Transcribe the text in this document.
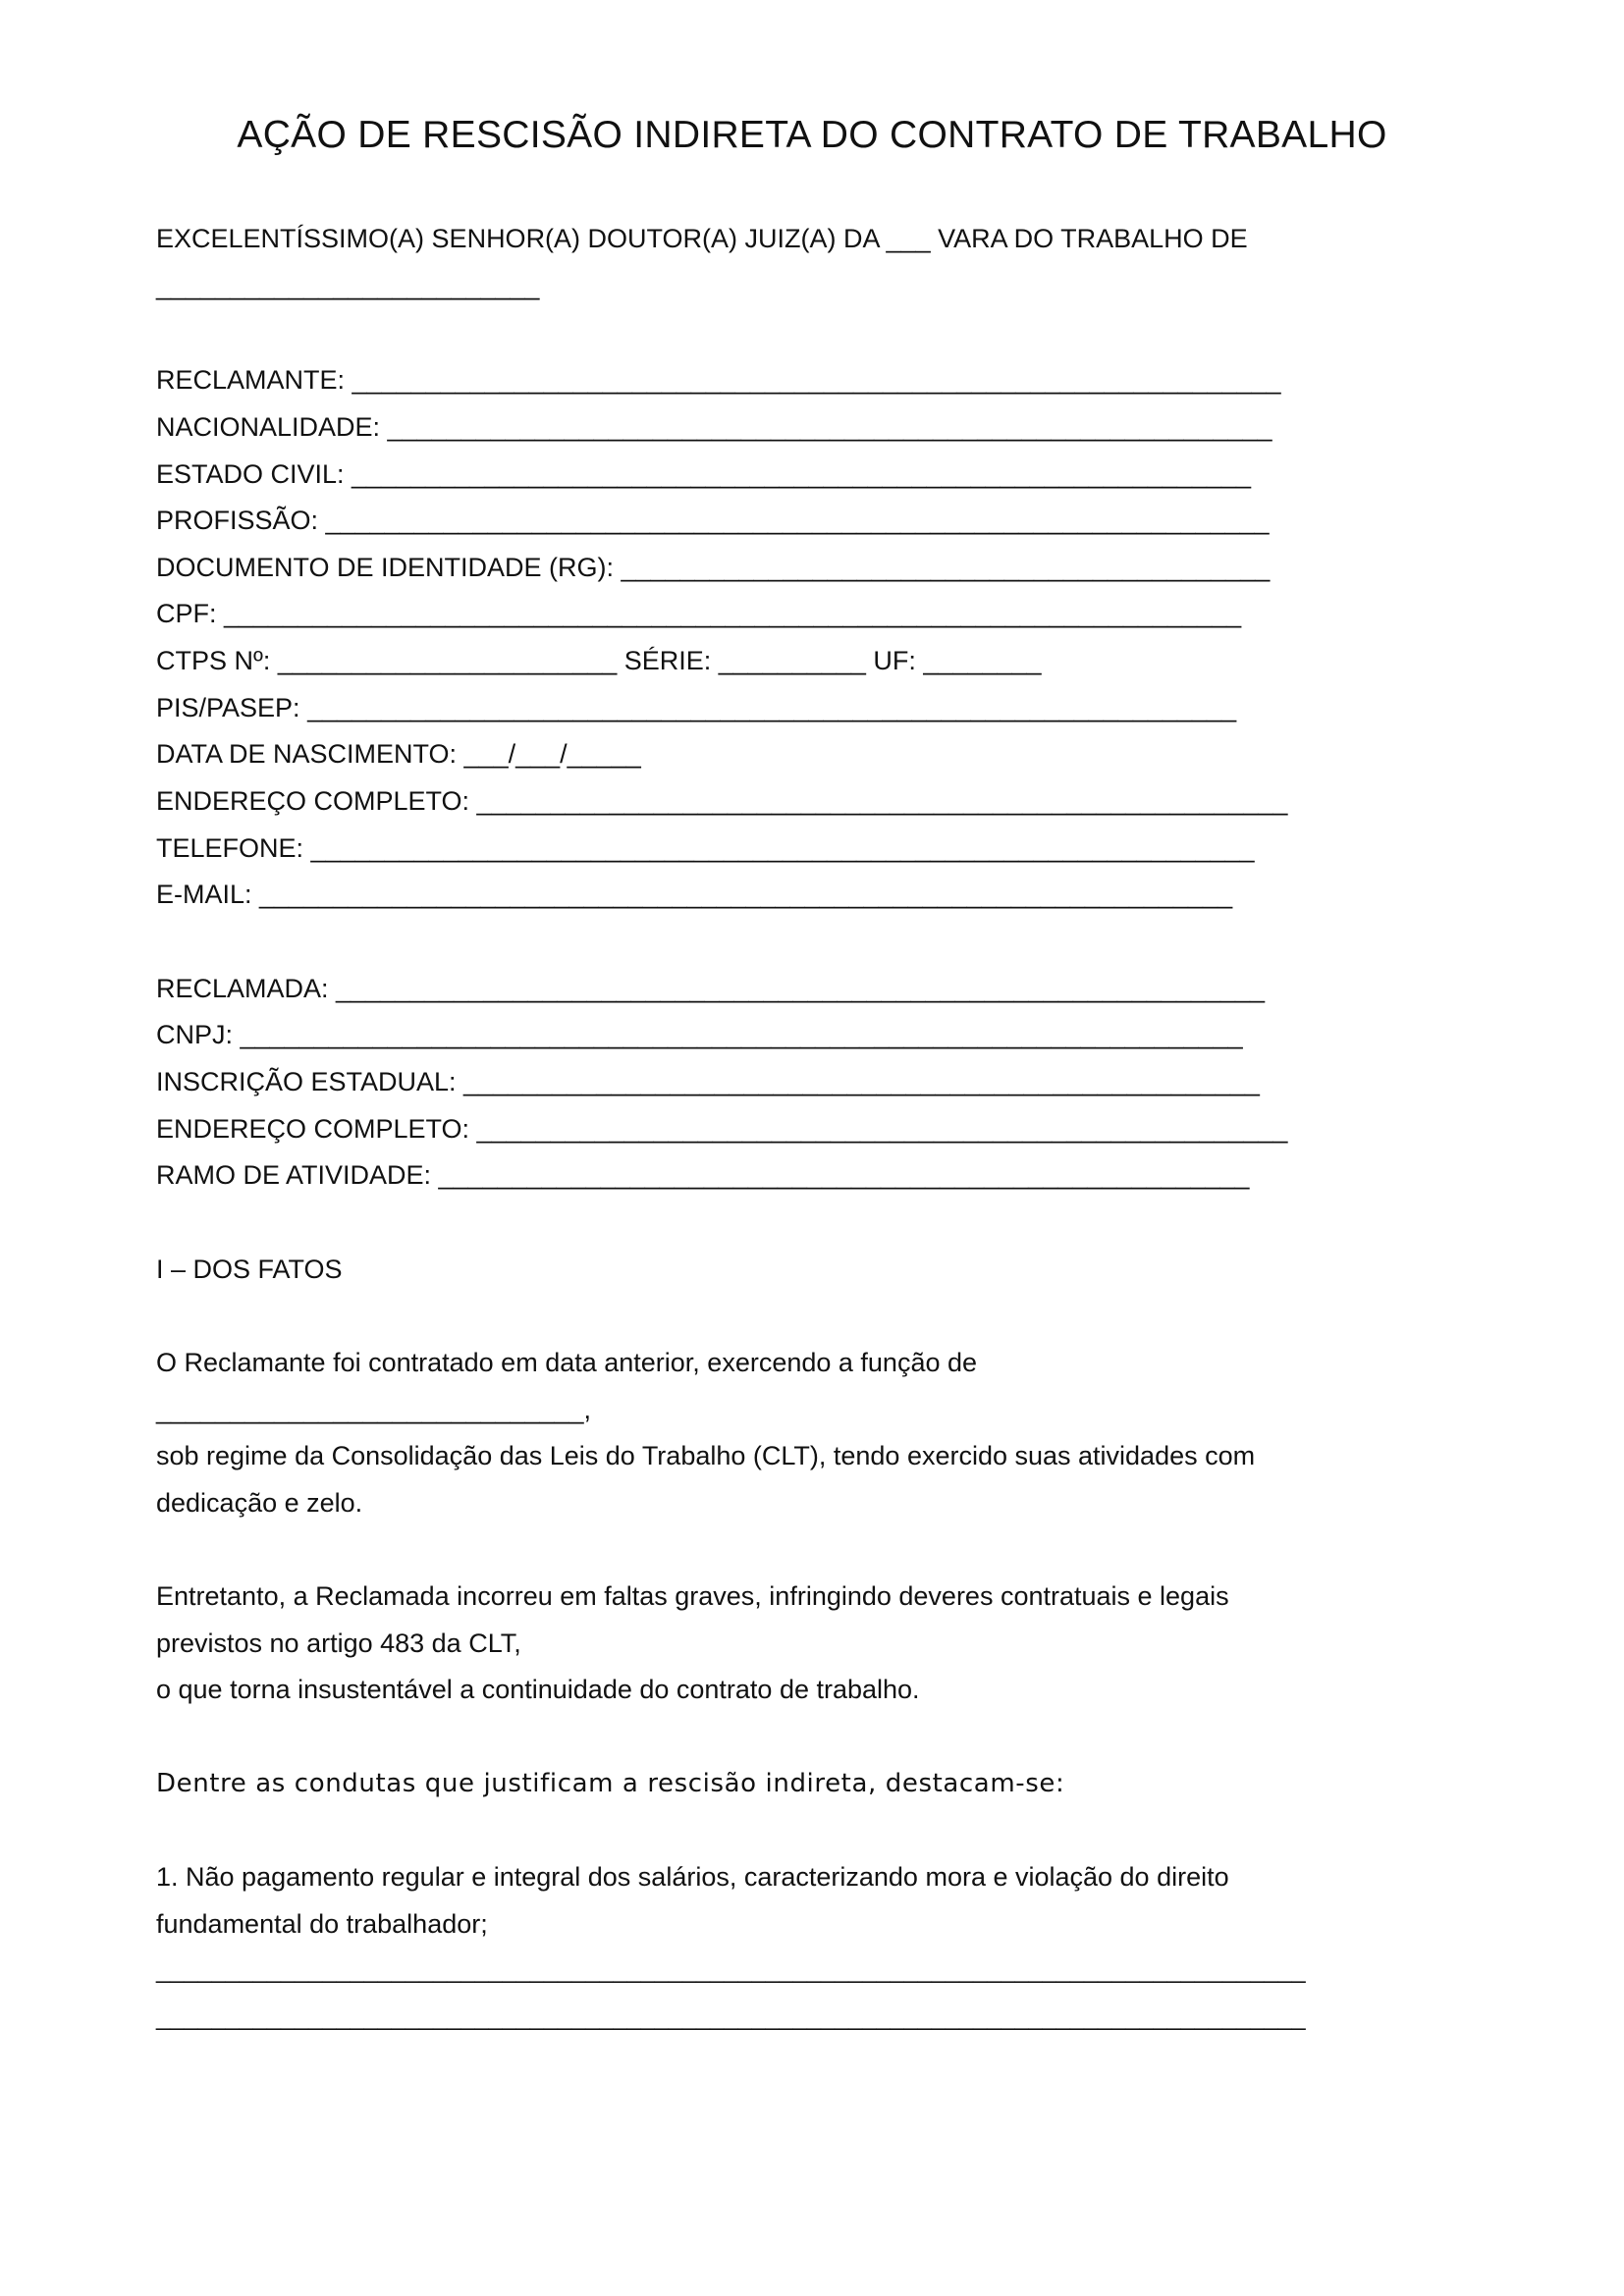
AÇÃO DE RESCISÃO INDIRETA DO CONTRATO DE TRABALHO
EXCELENTÍSSIMO(A) SENHOR(A) DOUTOR(A) JUIZ(A) DA ___ VARA DO TRABALHO DE
__________________________
RECLAMANTE: _______________________________________________________________
NACIONALIDADE: ____________________________________________________________
ESTADO CIVIL: _____________________________________________________________
PROFISSÃO: ________________________________________________________________
DOCUMENTO DE IDENTIDADE (RG): ____________________________________________
CPF: _____________________________________________________________________
CTPS Nº: _______________________ SÉRIE: __________ UF: ________
PIS/PASEP: _______________________________________________________________
DATA DE NASCIMENTO: ___/___/_____
ENDEREÇO COMPLETO: _______________________________________________________
TELEFONE: ________________________________________________________________
E-MAIL: __________________________________________________________________
RECLAMADA: _______________________________________________________________
CNPJ: ____________________________________________________________________
INSCRIÇÃO ESTADUAL: ______________________________________________________
ENDEREÇO COMPLETO: _______________________________________________________
RAMO DE ATIVIDADE: _______________________________________________________
I – DOS FATOS
O Reclamante foi contratado em data anterior, exercendo a função de
_____________________________,
sob regime da Consolidação das Leis do Trabalho (CLT), tendo exercido suas atividades com
dedicação e zelo.
Entretanto, a Reclamada incorreu em faltas graves, infringindo deveres contratuais e legais
previstos no artigo 483 da CLT,
o que torna insustentável a continuidade do contrato de trabalho.
Dentre as condutas que justificam a rescisão indireta, destacam-se:
1. Não pagamento regular e integral dos salários, caracterizando mora e violação do direito
fundamental do trabalhador;
___________________________________________________________________________________
___________________________________________________________________________________
